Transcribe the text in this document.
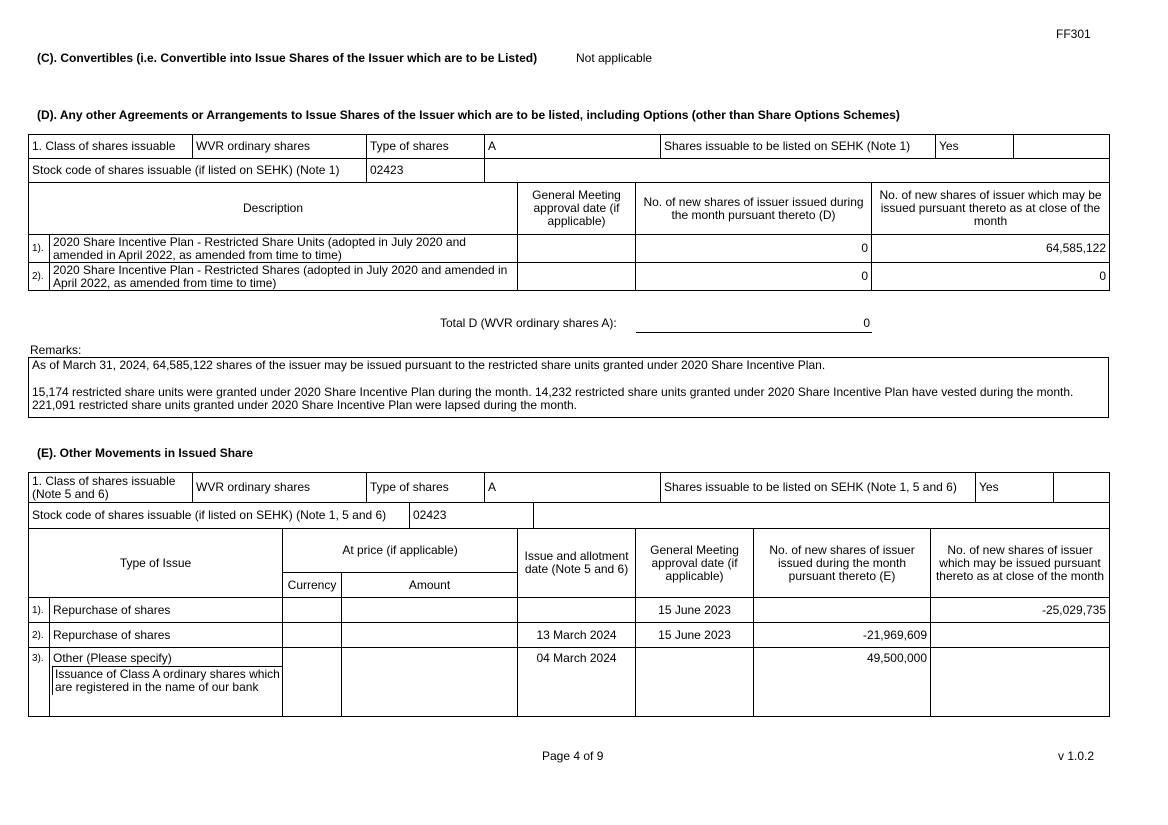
FF301
(C). Convertibles (i.e. Convertible into Issue Shares of the Issuer which are to be Listed)	Not applicable
(D). Any other Agreements or Arrangements to Issue Shares of the Issuer which are to be listed, including Options (other than Share Options Schemes)
1. Class of shares issuable	WVR ordinary shares	Type of shares	A	Shares issuable to be listed on SEHK (Note 1)	Yes	
Stock code of shares issuable (if listed on SEHK) (Note 1)		02423				
Description		General Meeting approval date (if applicable)	No. of new shares of issuer issued during the month pursuant thereto (D)	No. of new shares of issuer which may be issued pursuant thereto as at close of the month
1).	2020 Share Incentive Plan - Restricted Share Units (adopted in July 2020 and amended in April 2022, as amended from time to time)		0	64,585,122
2).	2020 Share Incentive Plan - Restricted Shares (adopted in July 2020 and amended in April 2022, as amended from time to time)		0	0
Total D (WVR ordinary shares A):	0
Remarks:
As of March 31, 2024, 64,585,122 shares of the issuer may be issued pursuant to the restricted share units granted under 2020 Share Incentive Plan.
15,174 restricted share units were granted under 2020 Share Incentive Plan during the month. 14,232 restricted share units granted under 2020 Share Incentive Plan have vested during the month. 221,091 restricted share units granted under 2020 Share Incentive Plan were lapsed during the month.
(E). Other Movements in Issued Share
1. Class of shares issuable (Note 5 and 6)	WVR ordinary shares	Type of shares	A	Shares issuable to be listed on SEHK (Note 1, 5 and 6)	Yes	
Stock code of shares issuable (if listed on SEHK) (Note 1, 5 and 6)	02423	
Type of Issue		At price (if applicable)		Issue and allotment date (Note 5 and 6)	General Meeting approval date (if applicable)	No. of new shares of issuer issued during the month pursuant thereto (E)	No. of new shares of issuer which may be issued pursuant thereto as at close of the month
		Currency	Amount				
1).	Repurchase of shares				15 June 2023		-25,029,735
2).	Repurchase of shares			13 March 2024	15 June 2023	-21,969,609	
3).	Other (Please specify)
Issuance of Class A ordinary shares which are registered in the name of our bank			04 March 2024		49,500,000	
Page 4 of 9	v 1.0.2
